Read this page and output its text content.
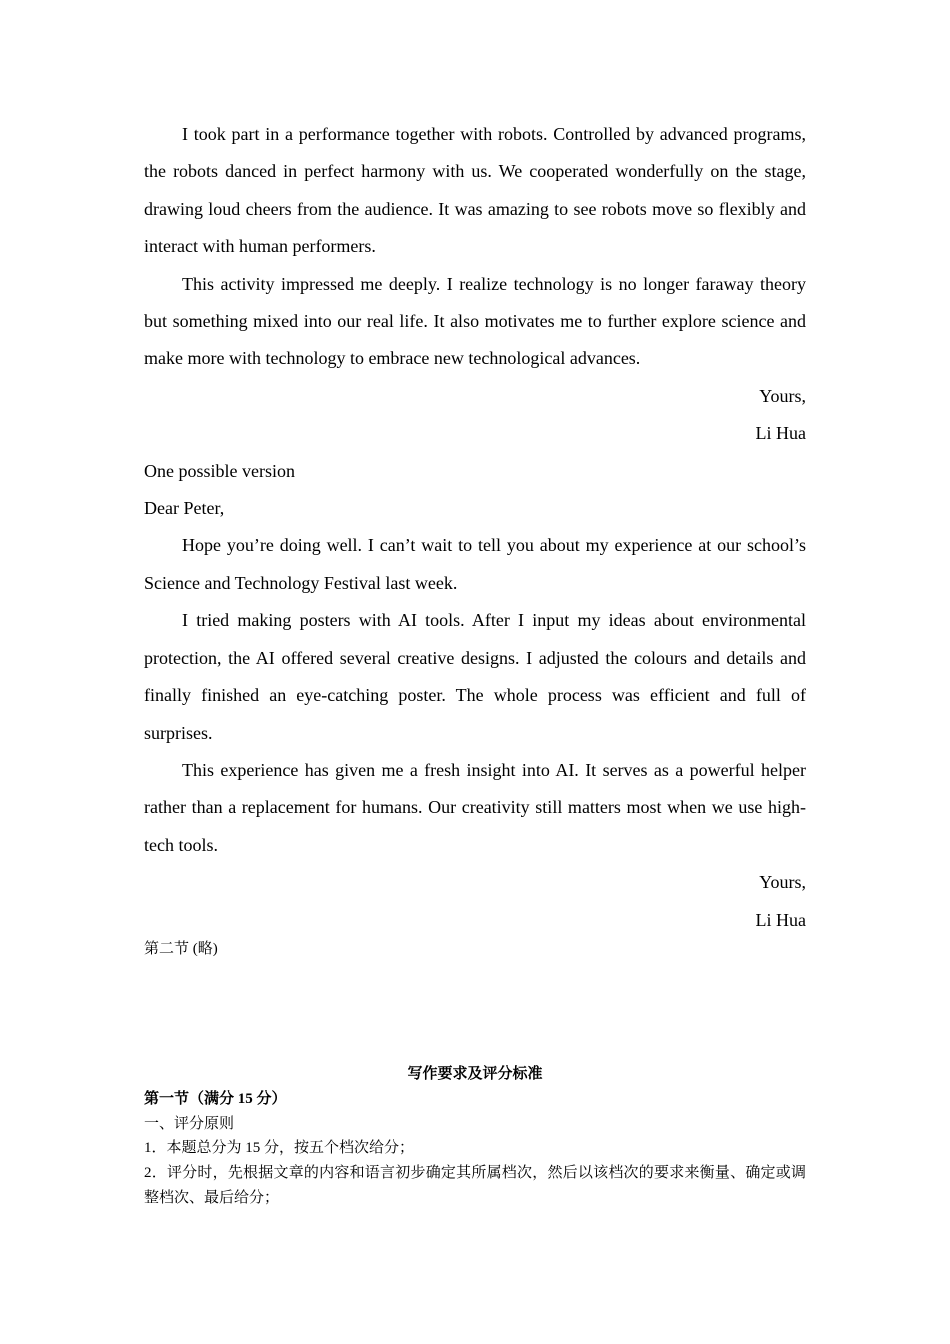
I took part in a performance together with robots. Controlled by advanced programs, the robots danced in perfect harmony with us. We cooperated wonderfully on the stage, drawing loud cheers from the audience. It was amazing to see robots move so flexibly and interact with human performers.

This activity impressed me deeply. I realize technology is no longer faraway theory but something mixed into our real life. It also motivates me to further explore science and make more with technology to embrace new technological advances.

Yours,

Li Hua

One possible version

Dear Peter,

Hope you’re doing well. I can’t wait to tell you about my experience at our school’s Science and Technology Festival last week.

I tried making posters with AI tools. After I input my ideas about environmental protection, the AI offered several creative designs. I adjusted the colours and details and finally finished an eye-catching poster. The whole process was efficient and full of surprises.

This experience has given me a fresh insight into AI. It serves as a powerful helper rather than a replacement for humans. Our creativity still matters most when we use high-tech tools.

Yours,

Li Hua

第二节 (略)

写作要求及评分标准

第一节（满分 15 分）

一、评分原则

1．本题总分为 15 分，按五个档次给分；

2．评分时，先根据文章的内容和语言初步确定其所属档次，然后以该档次的要求来衡量、确定或调整档次、最后给分；
